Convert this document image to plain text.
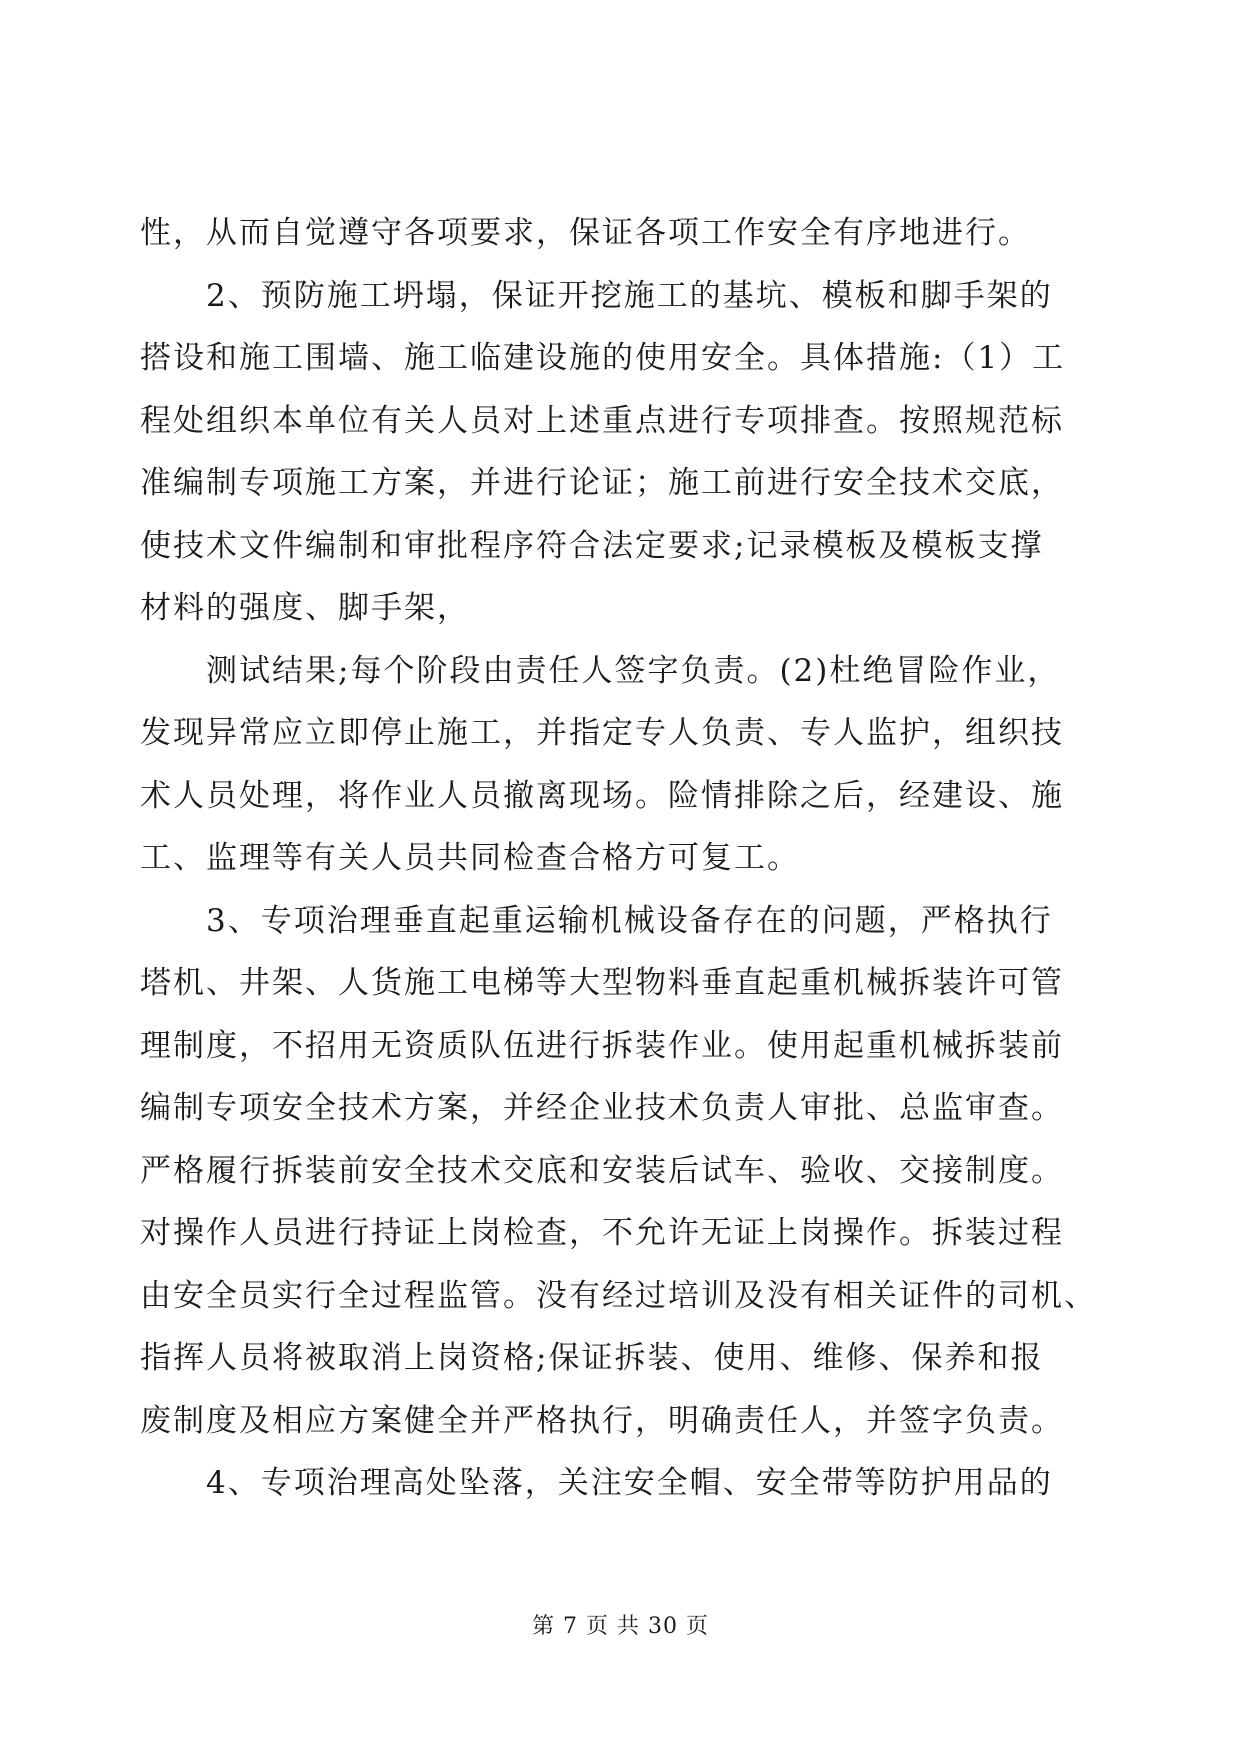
性，从而自觉遵守各项要求，保证各项工作安全有序地进行。
2、预防施工坍塌，保证开挖施工的基坑、模板和脚手架的
搭设和施工围墙、施工临建设施的使用安全。具体措施:（1）工
程处组织本单位有关人员对上述重点进行专项排查。按照规范标
准编制专项施工方案，并进行论证；施工前进行安全技术交底，
使技术文件编制和审批程序符合法定要求;记录模板及模板支撑
材料的强度、脚手架，
测试结果;每个阶段由责任人签字负责。(2)杜绝冒险作业，
发现异常应立即停止施工，并指定专人负责、专人监护，组织技
术人员处理，将作业人员撤离现场。险情排除之后，经建设、施
工、监理等有关人员共同检查合格方可复工。
3、专项治理垂直起重运输机械设备存在的问题，严格执行
塔机、井架、人货施工电梯等大型物料垂直起重机械拆装许可管
理制度，不招用无资质队伍进行拆装作业。使用起重机械拆装前
编制专项安全技术方案，并经企业技术负责人审批、总监审查。
严格履行拆装前安全技术交底和安装后试车、验收、交接制度。
对操作人员进行持证上岗检查，不允许无证上岗操作。拆装过程
由安全员实行全过程监管。没有经过培训及没有相关证件的司机、
指挥人员将被取消上岗资格;保证拆装、使用、维修、保养和报
废制度及相应方案健全并严格执行，明确责任人，并签字负责。
4、专项治理高处坠落，关注安全帽、安全带等防护用品的
第 7 页 共 30 页
